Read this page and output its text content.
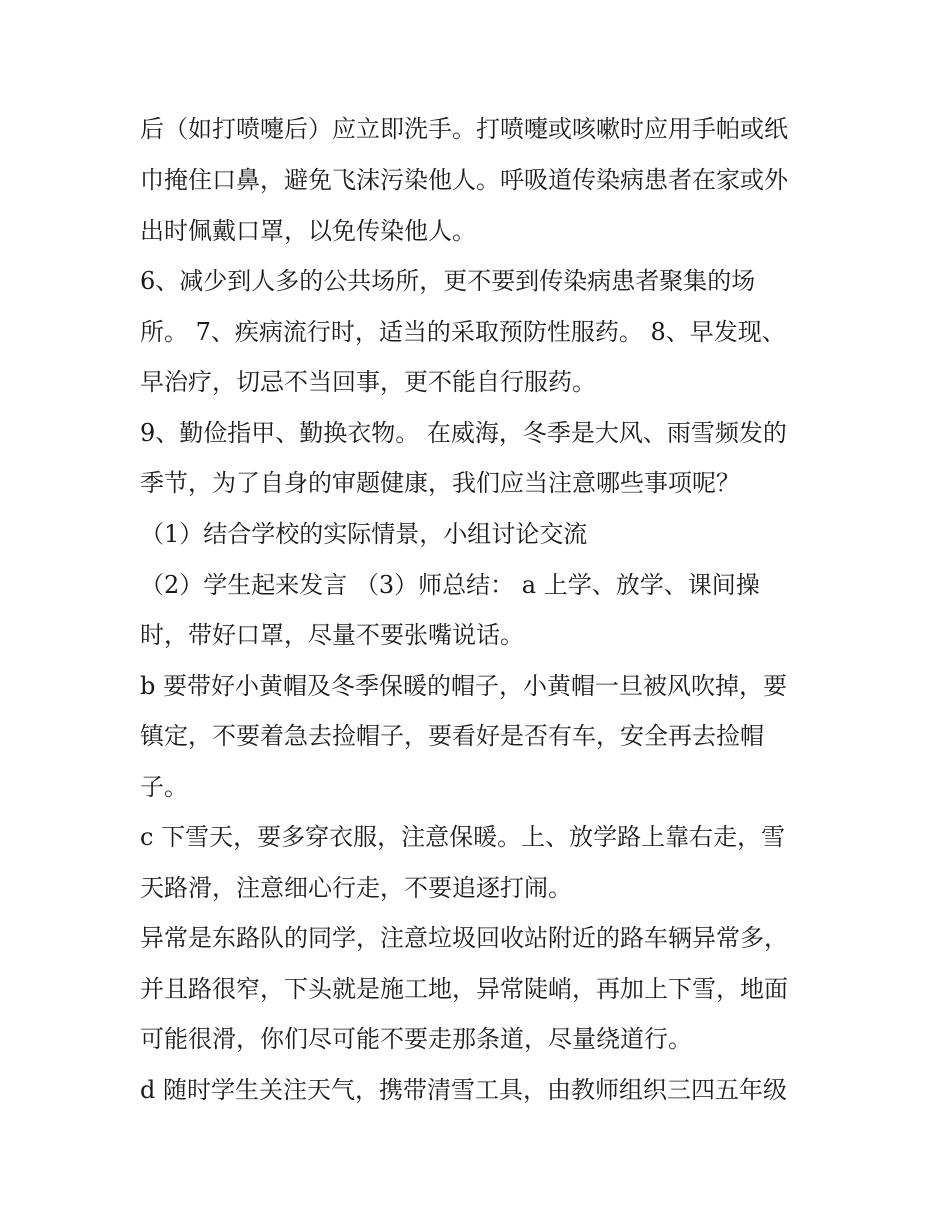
后（如打喷嚏后）应立即洗手。打喷嚏或咳嗽时应用手帕或纸
巾掩住口鼻，避免飞沫污染他人。呼吸道传染病患者在家或外
出时佩戴口罩，以免传染他人。
6、减少到人多的公共场所，更不要到传染病患者聚集的场
所。 7、疾病流行时，适当的采取预防性服药。 8、早发现、
早治疗，切忌不当回事，更不能自行服药。
9、勤俭指甲、勤换衣物。 在威海，冬季是大风、雨雪频发的
季节，为了自身的审题健康，我们应当注意哪些事项呢？
（1）结合学校的实际情景，小组讨论交流
（2）学生起来发言 （3）师总结： a 上学、放学、课间操
时，带好口罩，尽量不要张嘴说话。
b 要带好小黄帽及冬季保暖的帽子，小黄帽一旦被风吹掉，要
镇定，不要着急去捡帽子，要看好是否有车，安全再去捡帽
子。
c 下雪天，要多穿衣服，注意保暖。上、放学路上靠右走，雪
天路滑，注意细心行走，不要追逐打闹。
异常是东路队的同学，注意垃圾回收站附近的路车辆异常多，
并且路很窄，下头就是施工地，异常陡峭，再加上下雪，地面
可能很滑，你们尽可能不要走那条道，尽量绕道行。
d 随时学生关注天气，携带清雪工具，由教师组织三四五年级
